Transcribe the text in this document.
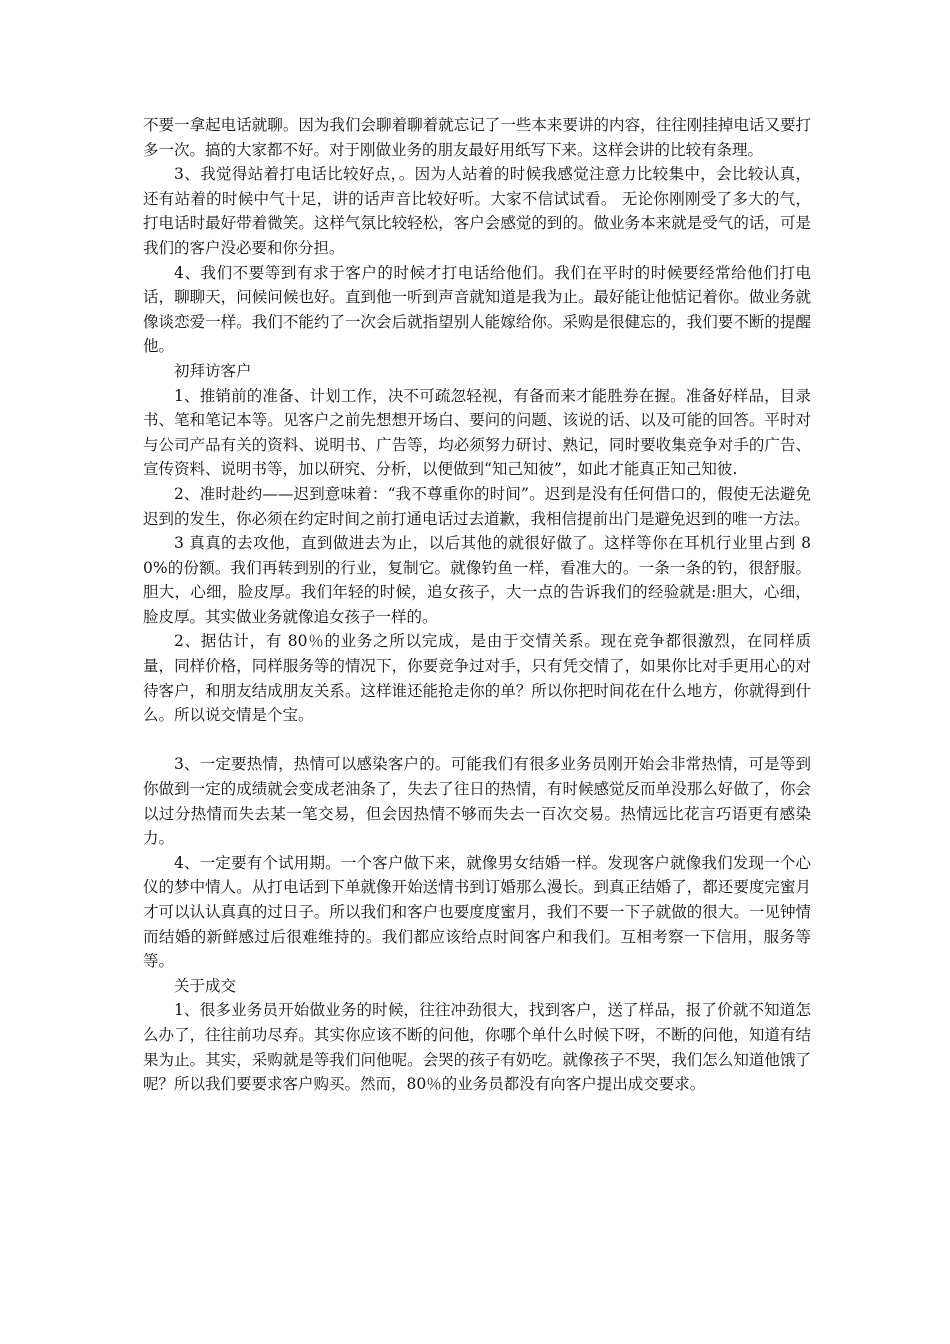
不要一拿起电话就聊。因为我们会聊着聊着就忘记了一些本来要讲的内容，往往刚挂掉电话又要打多一次。搞的大家都不好。对于刚做业务的朋友最好用纸写下来。这样会讲的比较有条理。

3、我觉得站着打电话比较好点，。因为人站着的时候我感觉注意力比较集中，会比较认真，还有站着的时候中气十足，讲的话声音比较好听。大家不信试试看。 无论你刚刚受了多大的气，打电话时最好带着微笑。这样气氛比较轻松，客户会感觉的到的。做业务本来就是受气的话，可是我们的客户没必要和你分担。

4、我们不要等到有求于客户的时候才打电话给他们。我们在平时的时候要经常给他们打电话，聊聊天，问候问候也好。直到他一听到声音就知道是我为止。最好能让他惦记着你。做业务就像谈恋爱一样。我们不能约了一次会后就指望别人能嫁给你。采购是很健忘的，我们要不断的提醒他。

初拜访客户

1、推销前的准备、计划工作，决不可疏忽轻视，有备而来才能胜券在握。准备好样品，目录书、笔和笔记本等。见客户之前先想想开场白、要问的问题、该说的话、以及可能的回答。平时对与公司产品有关的资料、说明书、广告等，均必须努力研讨、熟记，同时要收集竞争对手的广告、宣传资料、说明书等，加以研究、分析，以便做到“知己知彼”，如此才能真正知己知彼.

2、准时赴约——迟到意味着：“我不尊重你的时间”。迟到是没有任何借口的，假使无法避免迟到的发生，你必须在约定时间之前打通电话过去道歉，我相信提前出门是避免迟到的唯一方法。

3 真真的去攻他，直到做进去为止，以后其他的就很好做了。这样等你在耳机行业里占到 80%的份额。我们再转到别的行业，复制它。就像钓鱼一样，看准大的。一条一条的钓，很舒服。胆大，心细，脸皮厚。我们年轻的时候，追女孩子，大一点的告诉我们的经验就是:胆大，心细，脸皮厚。其实做业务就像追女孩子一样的。

2、据估计，有 80％的业务之所以完成，是由于交情关系。现在竞争都很激烈，在同样质量，同样价格，同样服务等的情况下，你要竞争过对手，只有凭交情了，如果你比对手更用心的对待客户，和朋友结成朋友关系。这样谁还能抢走你的单？所以你把时间花在什么地方，你就得到什么。所以说交情是个宝。

3、一定要热情，热情可以感染客户的。可能我们有很多业务员刚开始会非常热情，可是等到你做到一定的成绩就会变成老油条了，失去了往日的热情，有时候感觉反而单没那么好做了，你会以过分热情而失去某一笔交易，但会因热情不够而失去一百次交易。热情远比花言巧语更有感染力。

4、一定要有个试用期。一个客户做下来，就像男女结婚一样。发现客户就像我们发现一个心仪的梦中情人。从打电话到下单就像开始送情书到订婚那么漫长。到真正结婚了，都还要度完蜜月才可以认认真真的过日子。所以我们和客户也要度度蜜月，我们不要一下子就做的很大。一见钟情而结婚的新鲜感过后很难维持的。我们都应该给点时间客户和我们。互相考察一下信用，服务等等。

关于成交

1、很多业务员开始做业务的时候，往往冲劲很大，找到客户，送了样品，报了价就不知道怎么办了，往往前功尽弃。其实你应该不断的问他，你哪个单什么时候下呀，不断的问他，知道有结果为止。其实，采购就是等我们问他呢。会哭的孩子有奶吃。就像孩子不哭，我们怎么知道他饿了呢？所以我们要要求客户购买。然而，80％的业务员都没有向客户提出成交要求。
